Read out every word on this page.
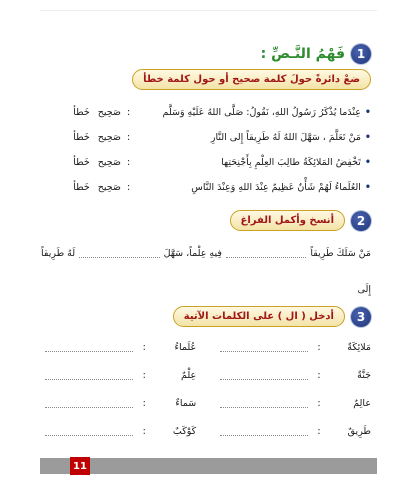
1
فَهْمُ النَّـصِّ :
ضعْ دائرةً حولَ كلمة صحيح أو حول كلمة خطأ
•
عِنْدَما يُذْكَرُ رَسُولُ اللهِ، نَقُولُ: صَلَّى اللهُ عَلَيْهِ وَسَلَّم
:
صَحِيح
خَطأ
•
مَنْ تَعَلَّمَ ، سَهَّلَ اللهُ لَهُ طَرِيقاً إِلى النَّارِ
:
صَحِيح
خَطأ
•
تَخْفِضُ المَلائِكَةُ طالِبَ العِلْمِ بِأَجْنِحَتِها
:
صَحِيح
خَطأ
•
العُلَماءُ لَهُمْ شَأْنٌ عَظِيمٌ عِنْدَ اللهِ وَعِنْدَ النَّاسِ
:
صَحِيح
خَطأ
2
أنسخ وأكمل الفراغ
مَنْ سَلَكَ طَرِيقاً
فِيهِ عِلْماً، سَهَّلَ
لَهُ طَرِيقاً
إِلَى
3
أدخل ( ال ) على الكلمات الآتية
مَلائِكَةٌ
:
عُلَماءُ
:
جَنَّةٌ
:
عِلْمٌ
:
عالِمٌ
:
سَماءٌ
:
طَرِيقٌ
:
كَوْكَبٌ
:
11
